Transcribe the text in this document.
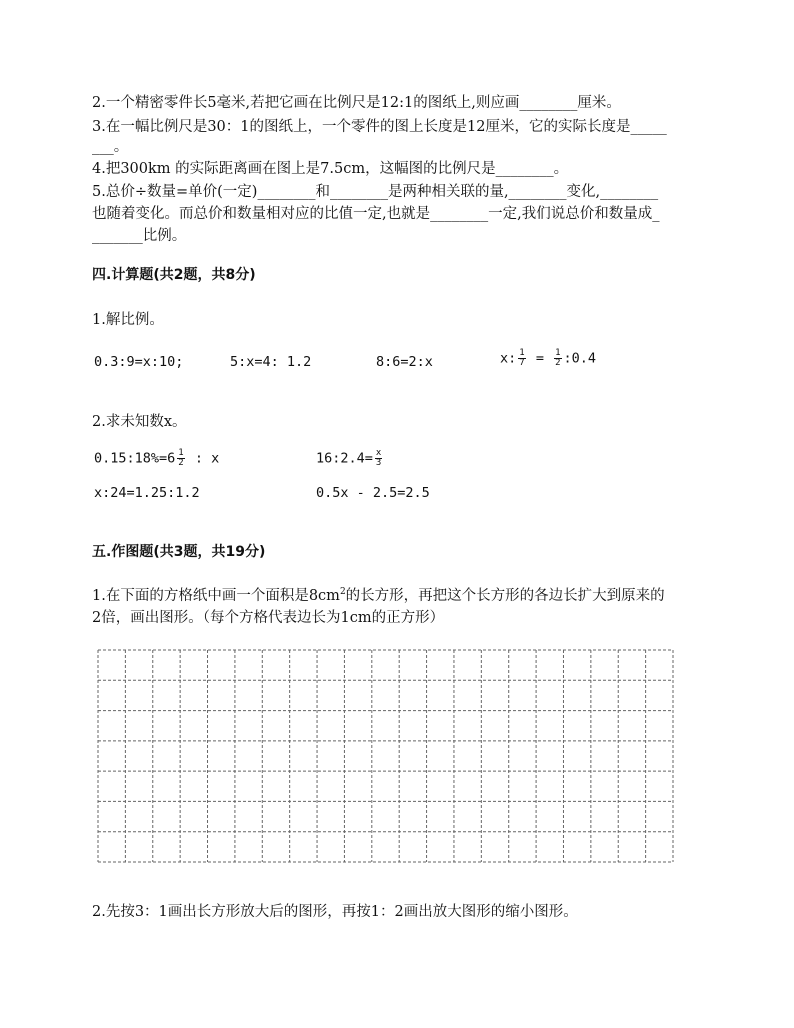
2.一个精密零件长5毫米,若把它画在比例尺是12:1的图纸上,则应画________厘米。
3.在一幅比例尺是30：1的图纸上，一个零件的图上长度是12厘米，它的实际长度是_____
___。
4.把300km 的实际距离画在图上是7.5cm，这幅图的比例尺是________。
5.总价÷数量=单价(一定)________和________是两种相关联的量,________变化,________
也随着变化。而总价和数量相对应的比值一定,也就是________一定,我们说总价和数量成_
_______比例。
四.计算题(共2题，共8分)
1.解比例。
0.3:9=x:10;	5:x=4: 1.2	8:6=2:x	x: $\frac{1}{7} = \frac{1}{2}$ :0.4
2.求未知数x。
0.15:18%=6 $\frac{1}{2}$ : x	16:2.4= $\frac{x}{3}$
x:24=1.25:1.2	0.5x - 2.5=2.5
五.作图题(共3题，共19分)
1.在下面的方格纸中画一个面积是$8cm^2$的长方形，再把这个长方形的各边长扩大到原来的
2倍，画出图形。（每个方格代表边长为1cm的正方形）
2.先按3：1画出长方形放大后的图形，再按1：2画出放大图形的缩小图形。
